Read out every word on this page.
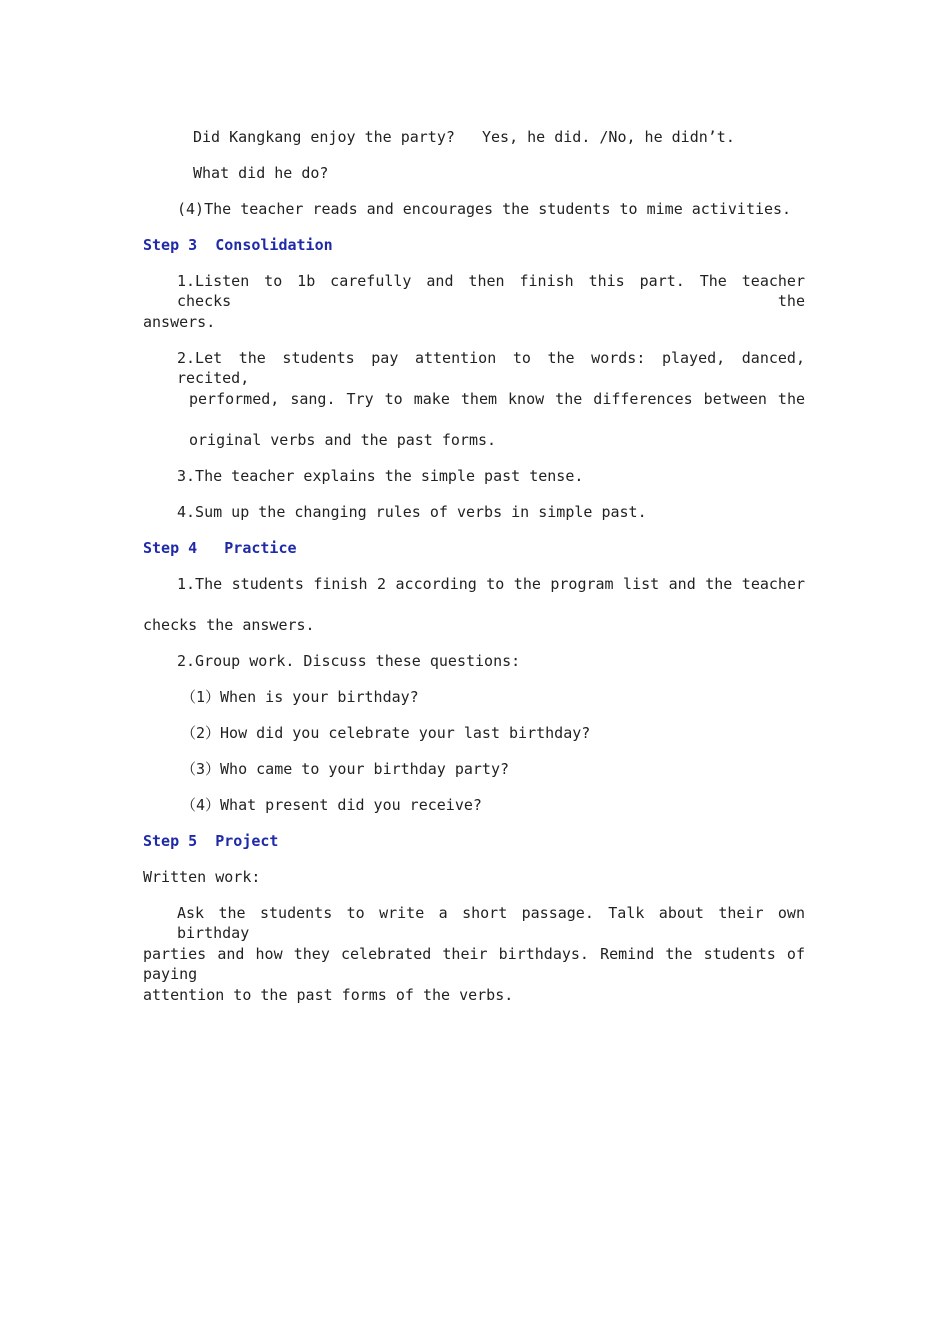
Did Kangkang enjoy the party?   Yes, he did. /No, he didn’t.
What did he do?
(4)The teacher reads and encourages the students to mime activities.
Step 3  Consolidation
1.Listen to 1b carefully and then finish this part. The teacher checks the
answers.
2.Let the students pay attention to the words: played, danced, recited,
performed, sang. Try to make them know the differences between the
original verbs and the past forms.
3.The teacher explains the simple past tense.
4.Sum up the changing rules of verbs in simple past.
Step 4   Practice
1.The students finish 2 according to the program list and the teacher
checks the answers.
2.Group work. Discuss these questions:
（1）When is your birthday?
（2）How did you celebrate your last birthday?
（3）Who came to your birthday party?
（4）What present did you receive?
Step 5  Project
Written work:
Ask the students to write a short passage. Talk about their own birthday
parties and how they celebrated their birthdays. Remind the students of paying
attention to the past forms of the verbs.
